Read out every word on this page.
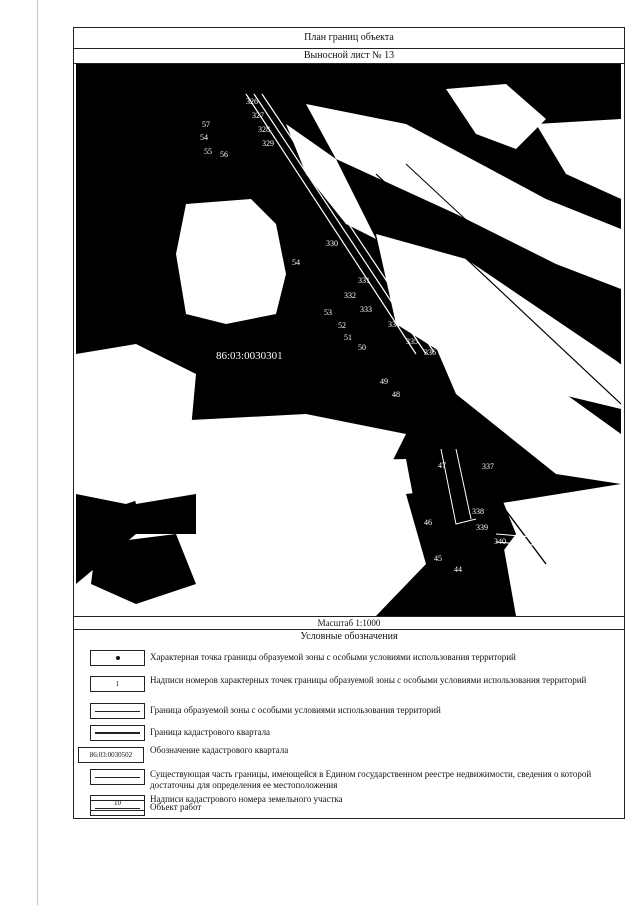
План границ объекта
Выносной лист № 13
86:03:0030301
326
327
328
329
57
54
55 56
330
331
332
333
334
335
336
54
53
52
51
50
49
48
47	337
46
338
339
340
45
44
Масштаб 1:1000
Условные обозначения
Характерная точка границы образуемой зоны с особыми условиями использования территорий
1	Надписи номеров характерных точек границы образуемой зоны с особыми условиями использования территорий
Граница образуемой зоны с особыми условиями использования территорий
Граница кадастрового квартала
86:03:0030502	Обозначение кадастрового квартала
Существующая часть границы, имеющейся в Едином государственном реестре недвижимости, сведения о которой достаточны для определения ее местоположения
10	Надписи кадастрового номера земельного участка
Объект работ
